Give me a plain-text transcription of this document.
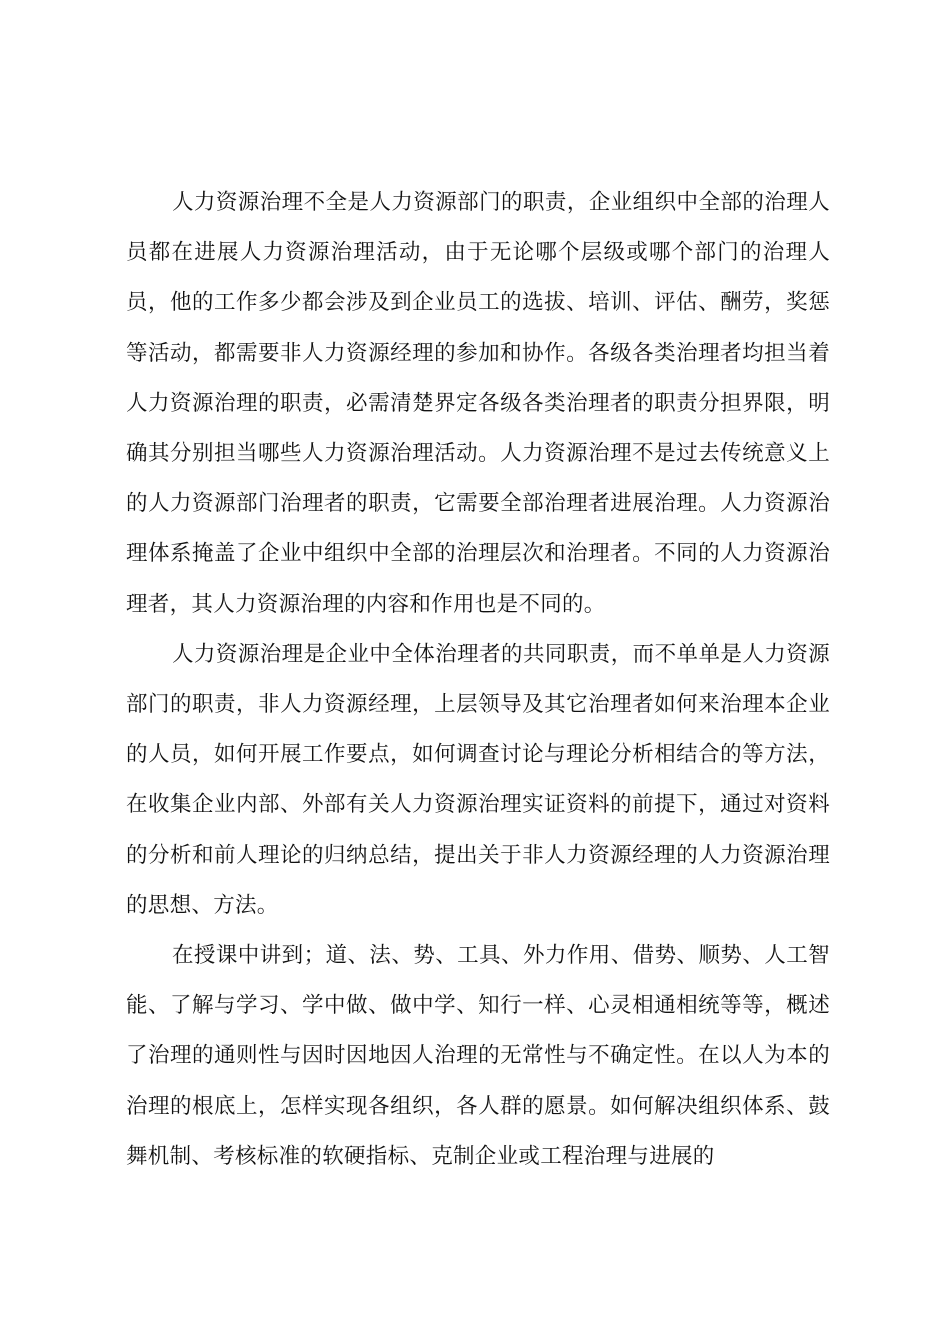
人力资源治理不全是人力资源部门的职责，企业组织中全部的治理人员都在进展人力资源治理活动，由于无论哪个层级或哪个部门的治理人员，他的工作多少都会涉及到企业员工的选拔、培训、评估、酬劳，奖惩等活动，都需要非人力资源经理的参加和协作。各级各类治理者均担当着人力资源治理的职责，必需清楚界定各级各类治理者的职责分担界限，明确其分别担当哪些人力资源治理活动。人力资源治理不是过去传统意义上的人力资源部门治理者的职责，它需要全部治理者进展治理。人力资源治理体系掩盖了企业中组织中全部的治理层次和治理者。不同的人力资源治理者，其人力资源治理的内容和作用也是不同的。

人力资源治理是企业中全体治理者的共同职责，而不单单是人力资源部门的职责，非人力资源经理，上层领导及其它治理者如何来治理本企业的人员，如何开展工作要点，如何调查讨论与理论分析相结合的等方法，在收集企业内部、外部有关人力资源治理实证资料的前提下，通过对资料的分析和前人理论的归纳总结，提出关于非人力资源经理的人力资源治理的思想、方法。

在授课中讲到；道、法、势、工具、外力作用、借势、顺势、人工智能、了解与学习、学中做、做中学、知行一样、心灵相通相统等等，概述了治理的通则性与因时因地因人治理的无常性与不确定性。在以人为本的治理的根底上，怎样实现各组织，各人群的愿景。如何解决组织体系、鼓舞机制、考核标准的软硬指标、克制企业或工程治理与进展的
